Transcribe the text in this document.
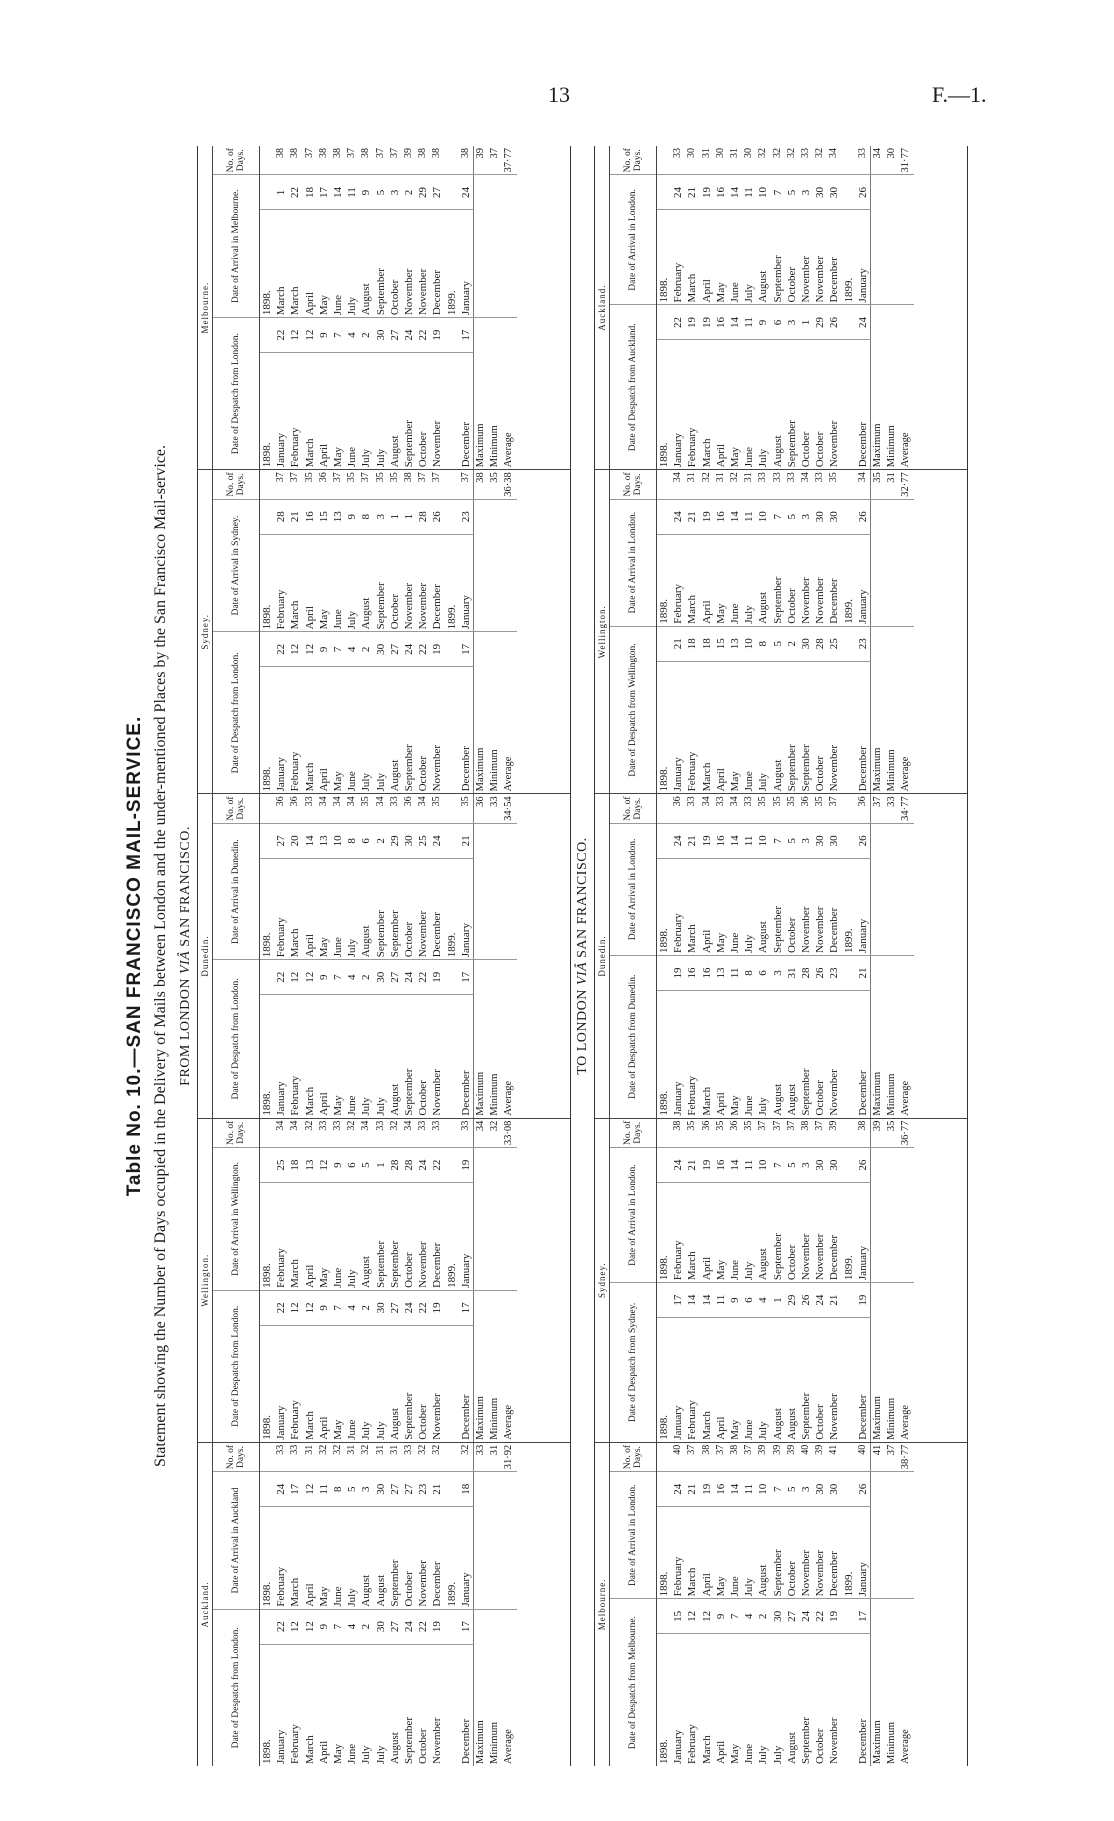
13	F.—1.
Table No. 10.—SAN FRANCISCO MAIL-SERVICE. Statement showing the Number of Days occupied in the Delivery of Mails between London and the under-mentioned Places by the San Francisco Mail-service. FROM LONDON VIÂ SAN FRANCISCO.
Auckland.
Date of Despatch from London.		Date of Arrival in Auckland		No. of Days.
1898.		1898.		
January	22	February	24	33
February	12	March	17	33
March	12	April	12	31
April	9	May	11	32
May	7	June	8	32
June	4	July	5	31
July	2	August	3	32
July	30	August	30	31
August	27	September	27	31
September	24	October	27	33
October	22	November	23	32
November	19	December	21	32
		1899.		
December	17	January	18	32
Maximum				33
Minimum				31
Average				31·92
Wellington.
Date of Despatch from London.		Date of Arrival in Wellington.		No. of Days.
1898.		1898.		
January	22	February	25	34
February	12	March	18	34
March	12	April	13	32
April	9	May	12	33
May	7	June	9	33
June	4	July	6	32
July	2	August	5	34
July	30	September	1	33
August	27	September	28	32
September	24	October	28	34
October	22	November	24	33
November	19	December	22	33
		1899.		
December	17	January	19	33
Maximum				34
Minimum				32
Average				33·08
Dunedin.
Date of Despatch from London.		Date of Arrival in Dunedin.		No. of Days.
1898.		1898.		
January	22	February	27	36
February	12	March	20	36
March	12	April	14	33
April	9	May	13	34
May	7	June	10	34
June	4	July	8	34
July	2	August	6	35
July	30	September	2	34
August	27	September	29	33
September	24	October	30	36
October	22	November	25	34
November	19	December	24	35
		1899.		
December	17	January	21	35
Maximum				36
Minimum				33
Average				34·54
Sydney.
Date of Despatch from London.		Date of Arrival in Sydney.		No. of Days.
1898.		1898.		
January	22	February	28	37
February	12	March	21	37
March	12	April	16	35
April	9	May	15	36
May	7	June	13	37
June	4	July	9	35
July	2	August	8	37
July	30	September	3	35
August	27	October	1	35
September	24	November	1	38
October	22	November	28	37
November	19	December	26	37
		1899.		
December	17	January	23	37
Maximum				38
Minimum				35
Average				36·38
Melbourne.
Date of Despatch from London.		Date of Arrival in Melbourne.		No. of Days.
1898.		1898.		
January	22	March	1	38
February	12	March	22	38
March	12	April	18	37
April	9	May	17	38
May	7	June	14	38
June	4	July	11	37
July	2	August	9	38
July	30	September	5	37
August	27	October	3	37
September	24	November	2	39
October	22	November	29	38
November	19	December	27	38
		1899.		
December	17	January	24	38
Maximum				39
Minimum				37
Average				37·77
TO LONDON VIÂ SAN FRANCISCO.
Melbourne.
Date of Despatch from Melbourne.		Date of Arrival in London.		No. of Days.
1898.		1898.		
January	15	February	24	40
February	12	March	21	37
March	12	April	19	38
April	9	May	16	37
May	7	June	14	38
June	4	July	11	37
July	2	August	10	39
July	30	September	7	39
August	27	October	5	39
September	24	November	3	40
October	22	November	30	39
November	19	December	30	41
		1899.		
December	17	January	26	40
Maximum				41
Minimum				37
Average				38·77
Sydney.
Date of Despatch from Sydney.		Date of Arrival in London.		No. of Days.
1898.		1898.		
January	17	February	24	38
February	14	March	21	35
March	14	April	19	36
April	11	May	16	35
May	9	June	14	36
June	6	July	11	35
July	4	August	10	37
August	1	September	7	37
August	29	October	5	37
September	26	November	3	38
October	24	November	30	37
November	21	December	30	39
		1899.		
December	19	January	26	38
Maximum				39
Minimum				35
Average				36·77
Dunedin.
Date of Despatch from Dunedin.		Date of Arrival in London.		No. of Days.
1898.		1898.		
January	19	February	24	36
February	16	March	21	33
March	16	April	19	34
April	13	May	16	33
May	11	June	14	34
June	8	July	11	33
July	6	August	10	35
August	3	September	7	35
August	31	October	5	35
September	28	November	3	36
October	26	November	30	35
November	23	December	30	37
		1899.		
December	21	January	26	36
Maximum				37
Minimum				33
Average				34·77
Wellington.
Date of Despatch from Wellington.		Date of Arrival in London.		No. of Days.
1898.		1898.		
January	21	February	24	34
February	18	March	21	31
March	18	April	19	32
April	15	May	16	31
May	13	June	14	32
June	10	July	11	31
July	8	August	10	33
August	5	September	7	33
September	2	October	5	33
September	30	November	3	34
October	28	November	30	33
November	25	December	30	35
		1899.		
December	23	January	26	34
Maximum				35
Minimum				31
Average				32·77
Auckland.
Date of Despatch from Auckland.		Date of Arrival in London.		No. of Days.
1898.		1898.		
January	22	February	24	33
February	19	March	21	30
March	19	April	19	31
April	16	May	16	30
May	14	June	14	31
June	11	July	11	30
July	9	August	10	32
August	6	September	7	32
September	3	October	5	32
October	1	November	3	33
October	29	November	30	32
November	26	December	30	34
		1899.		
December	24	January	26	33
Maximum				34
Minimum				30
Average				31·77
